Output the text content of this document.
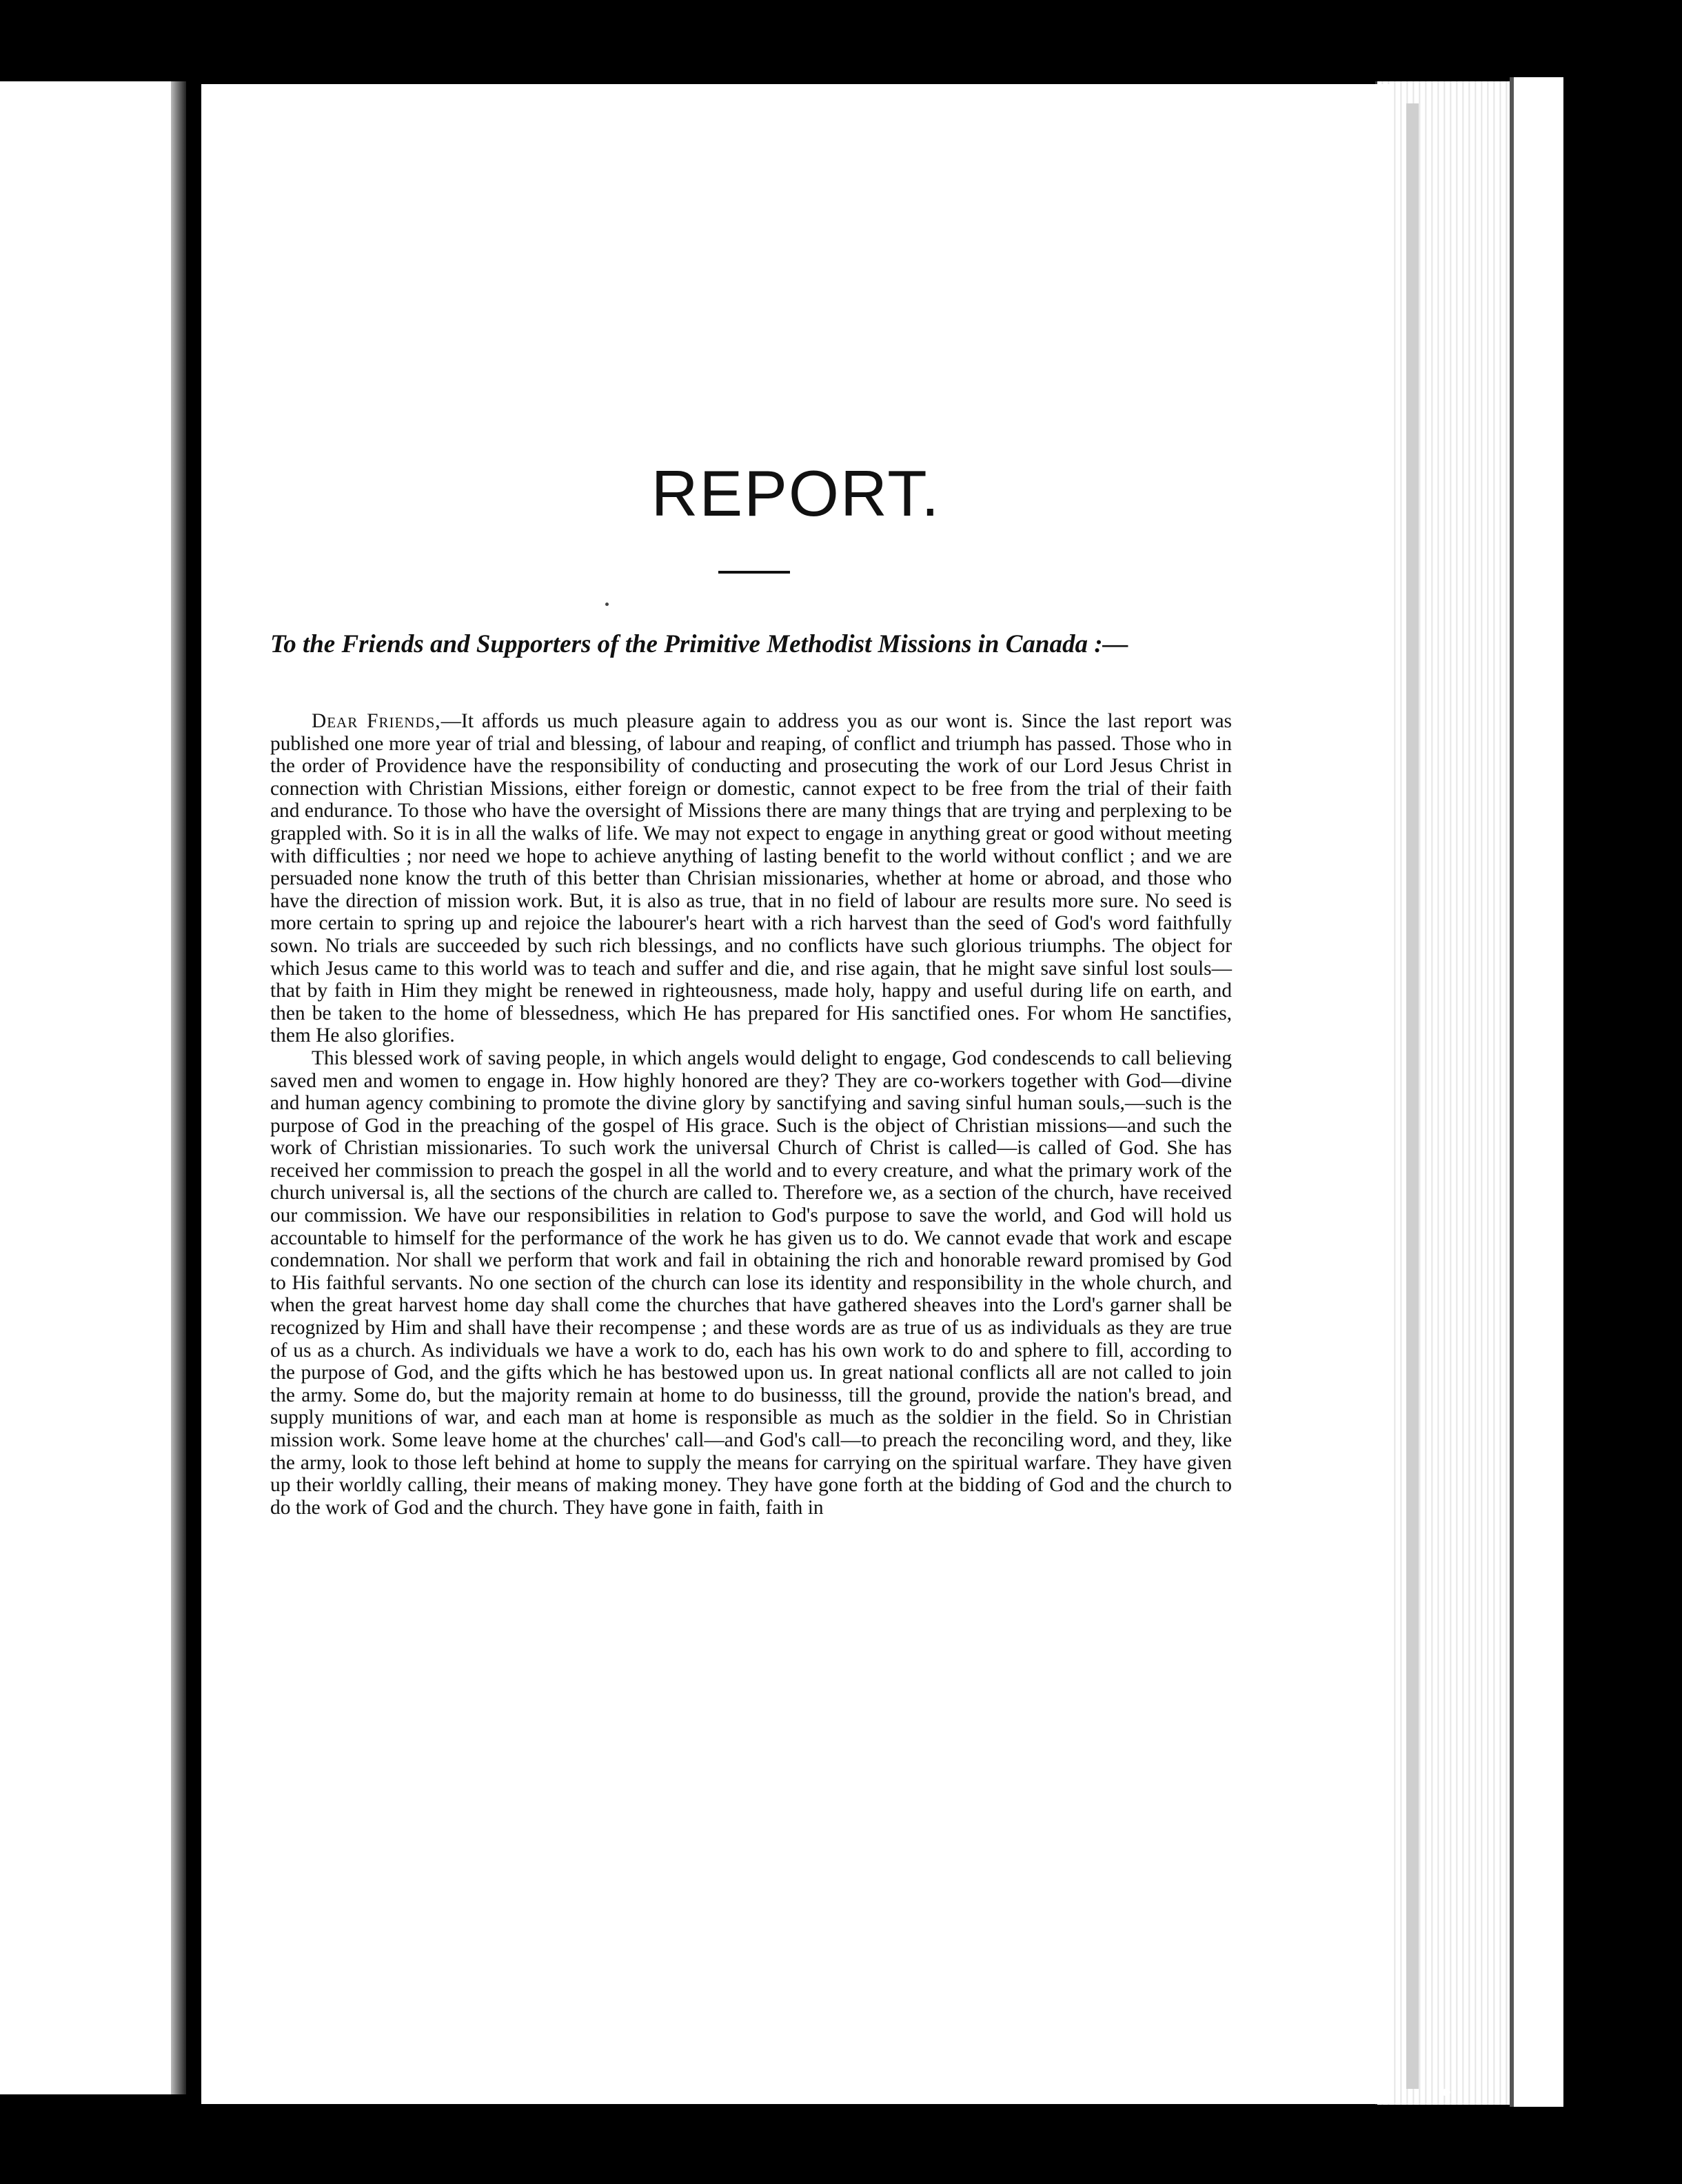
REPORT.
To the Friends and Supporters of the Primitive Methodist Missions in Canada :—

Dear Friends,—It affords us much pleasure again to address you as our wont is. Since the last report was published one more year of trial and blessing, of labour and reaping, of conflict and triumph has passed. Those who in the order of Providence have the responsibility of conducting and prosecuting the work of our Lord Jesus Christ in connection with Christian Missions, either foreign or domestic, cannot expect to be free from the trial of their faith and endurance. To those who have the oversight of Missions there are many things that are trying and perplexing to be grappled with. So it is in all the walks of life. We may not expect to engage in anything great or good without meeting with difficulties ; nor need we hope to achieve anything of lasting benefit to the world without conflict ; and we are persuaded none know the truth of this better than Chrisian missionaries, whether at home or abroad, and those who have the direction of mission work. But, it is also as true, that in no field of labour are results more sure. No seed is more certain to spring up and rejoice the labourer's heart with a rich harvest than the seed of God's word faithfully sown. No trials are succeeded by such rich blessings, and no conflicts have such glorious triumphs. The object for which Jesus came to this world was to teach and suffer and die, and rise again, that he might save sinful lost souls—that by faith in Him they might be renewed in righteousness, made holy, happy and useful during life on earth, and then be taken to the home of blessedness, which He has prepared for His sanctified ones. For whom He sanctifies, them He also glorifies.

This blessed work of saving people, in which angels would delight to engage, God condescends to call believing saved men and women to engage in. How highly honored are they? They are co-workers together with God—divine and human agency combining to promote the divine glory by sanctifying and saving sinful human souls,—such is the purpose of God in the preaching of the gospel of His grace. Such is the object of Christian missions—and such the work of Christian missionaries. To such work the universal Church of Christ is called—is called of God. She has received her commission to preach the gospel in all the world and to every creature, and what the primary work of the church universal is, all the sections of the church are called to. Therefore we, as a section of the church, have received our commission. We have our responsibilities in relation to God's purpose to save the world, and God will hold us accountable to himself for the performance of the work he has given us to do. We cannot evade that work and escape condemnation. Nor shall we perform that work and fail in obtaining the rich and honorable reward promised by God to His faithful servants. No one section of the church can lose its identity and responsibility in the whole church, and when the great harvest home day shall come the churches that have gathered sheaves into the Lord's garner shall be recognized by Him and shall have their recompense ; and these words are as true of us as individuals as they are true of us as a church. As individuals we have a work to do, each has his own work to do and sphere to fill, according to the purpose of God, and the gifts which he has bestowed upon us. In great national conflicts all are not called to join the army. Some do, but the majority remain at home to do businesss, till the ground, provide the nation's bread, and supply munitions of war, and each man at home is responsible as much as the soldier in the field. So in Christian mission work. Some leave home at the churches' call—and God's call—to preach the reconciling word, and they, like the army, look to those left behind at home to supply the means for carrying on the spiritual warfare. They have given up their worldly calling, their means of making money. They have gone forth at the bidding of God and the church to do the work of God and the church. They have gone in faith, faith in
